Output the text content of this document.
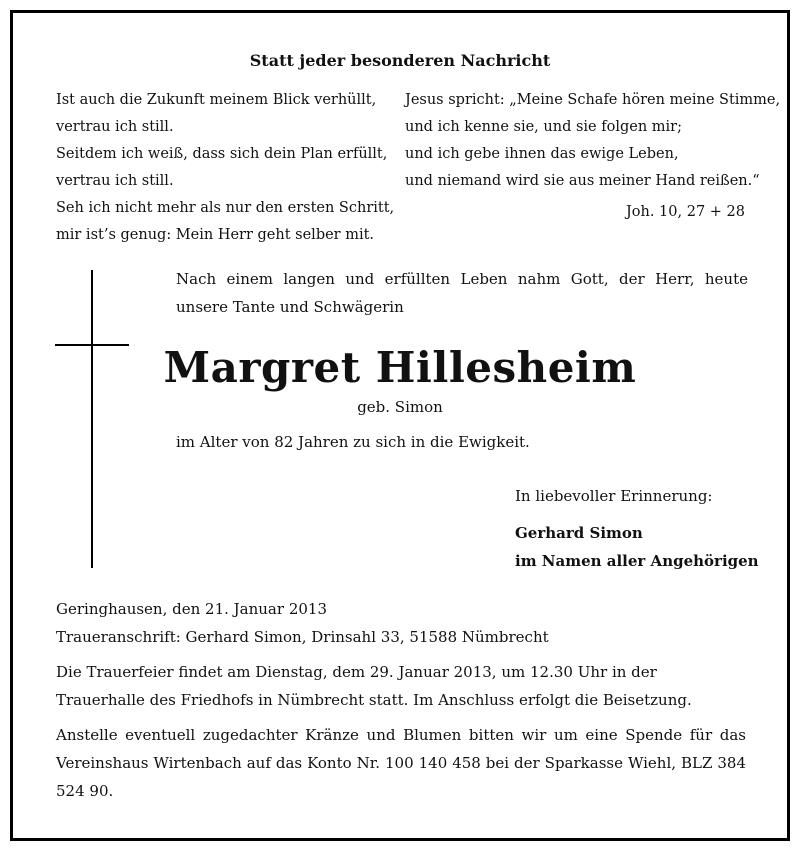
Statt jeder besonderen Nachricht
Ist auch die Zukunft meinem Blick verhüllt,
vertrau ich still.
Seitdem ich weiß, dass sich dein Plan erfüllt,
vertrau ich still.
Seh ich nicht mehr als nur den ersten Schritt,
mir ist’s genug: Mein Herr geht selber mit.
Jesus spricht: „Meine Schafe hören meine Stimme,
und ich kenne sie, und sie folgen mir;
und ich gebe ihnen das ewige Leben,
und niemand wird sie aus meiner Hand reißen.“
Joh. 10, 27 + 28
Nach einem langen und erfüllten Leben nahm Gott, der Herr, heute unsere Tante und Schwägerin
Margret Hillesheim
geb. Simon
im Alter von 82 Jahren zu sich in die Ewigkeit.
In liebevoller Erinnerung:
Gerhard Simon
im Namen aller Angehörigen
Geringhausen, den 21. Januar 2013
Traueranschrift: Gerhard Simon, Drinsahl 33, 51588 Nümbrecht
Die Trauerfeier findet am Dienstag, dem 29. Januar 2013, um 12.30 Uhr in der Trauerhalle des Friedhofs in Nümbrecht statt. Im Anschluss erfolgt die Beisetzung.
Anstelle eventuell zugedachter Kränze und Blumen bitten wir um eine Spende für das Vereinshaus Wirtenbach auf das Konto Nr. 100 140 458 bei der Sparkasse Wiehl, BLZ 384 524 90.
